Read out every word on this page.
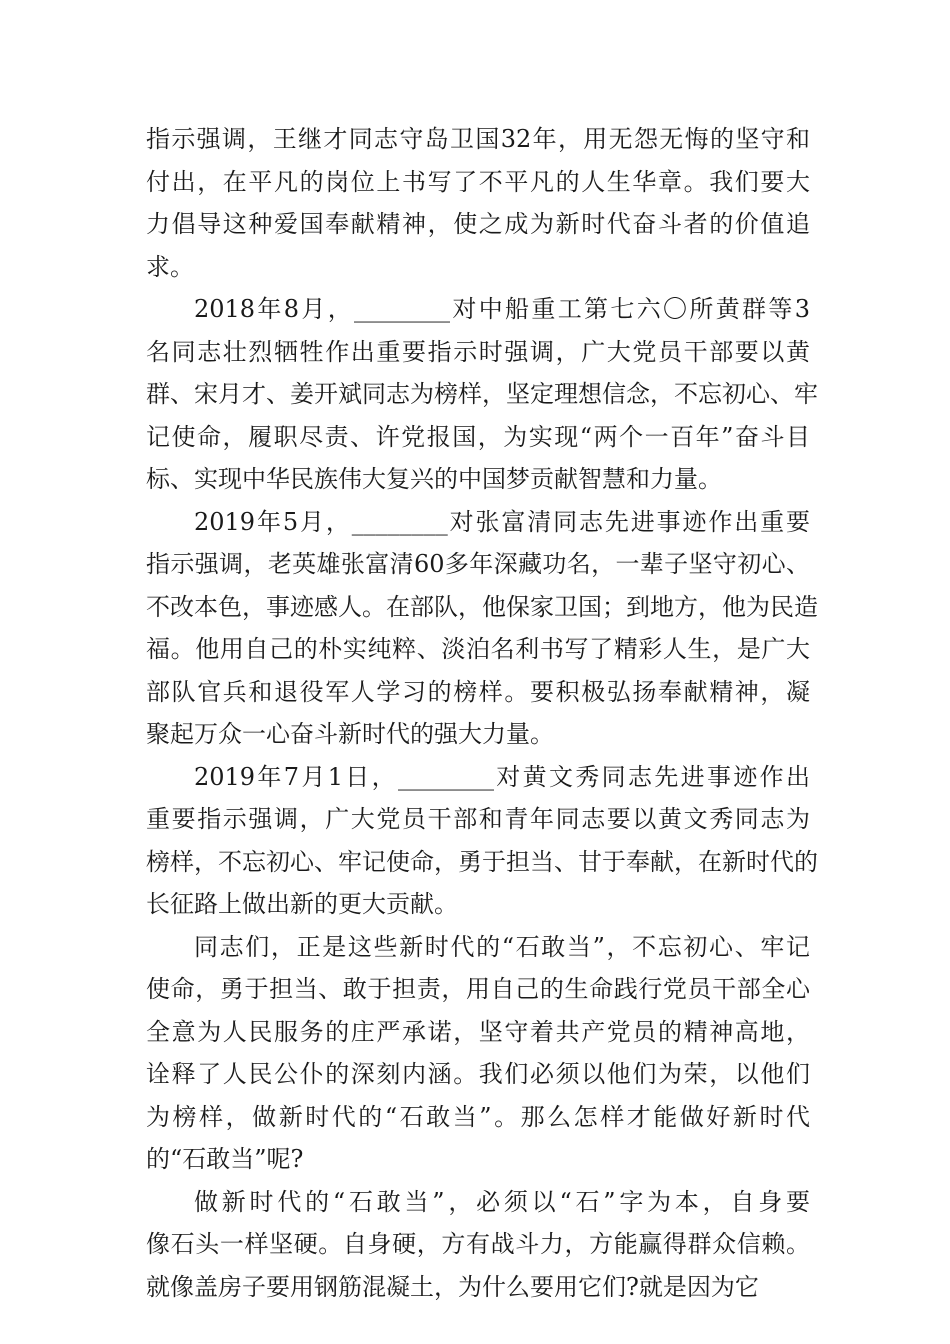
指示强调，王继才同志守岛卫国32年，用无怨无悔的坚守和
付出，在平凡的岗位上书写了不平凡的人生华章。我们要大
力倡导这种爱国奉献精神，使之成为新时代奋斗者的价值追
求。
2018年8月，________对中船重工第七六〇所黄群等3
名同志壮烈牺牲作出重要指示时强调，广大党员干部要以黄
群、宋月才、姜开斌同志为榜样，坚定理想信念，不忘初心、牢
记使命，履职尽责、许党报国，为实现“两个一百年”奋斗目
标、实现中华民族伟大复兴的中国梦贡献智慧和力量。
2019年5月，________对张富清同志先进事迹作出重要
指示强调，老英雄张富清60多年深藏功名，一辈子坚守初心、
不改本色，事迹感人。在部队，他保家卫国；到地方，他为民造
福。他用自己的朴实纯粹、淡泊名利书写了精彩人生，是广大
部队官兵和退役军人学习的榜样。要积极弘扬奉献精神，凝
聚起万众一心奋斗新时代的强大力量。
2019年7月1日，________对黄文秀同志先进事迹作出
重要指示强调，广大党员干部和青年同志要以黄文秀同志为
榜样，不忘初心、牢记使命，勇于担当、甘于奉献，在新时代的
长征路上做出新的更大贡献。
同志们，正是这些新时代的“石敢当”，不忘初心、牢记
使命，勇于担当、敢于担责，用自己的生命践行党员干部全心
全意为人民服务的庄严承诺，坚守着共产党员的精神高地，
诠释了人民公仆的深刻内涵。我们必须以他们为荣，以他们
为榜样，做新时代的“石敢当”。那么怎样才能做好新时代
的“石敢当”呢?
做新时代的“石敢当”，必须以“石”字为本，自身要
像石头一样坚硬。自身硬，方有战斗力，方能赢得群众信赖。
就像盖房子要用钢筋混凝土，为什么要用它们?就是因为它
